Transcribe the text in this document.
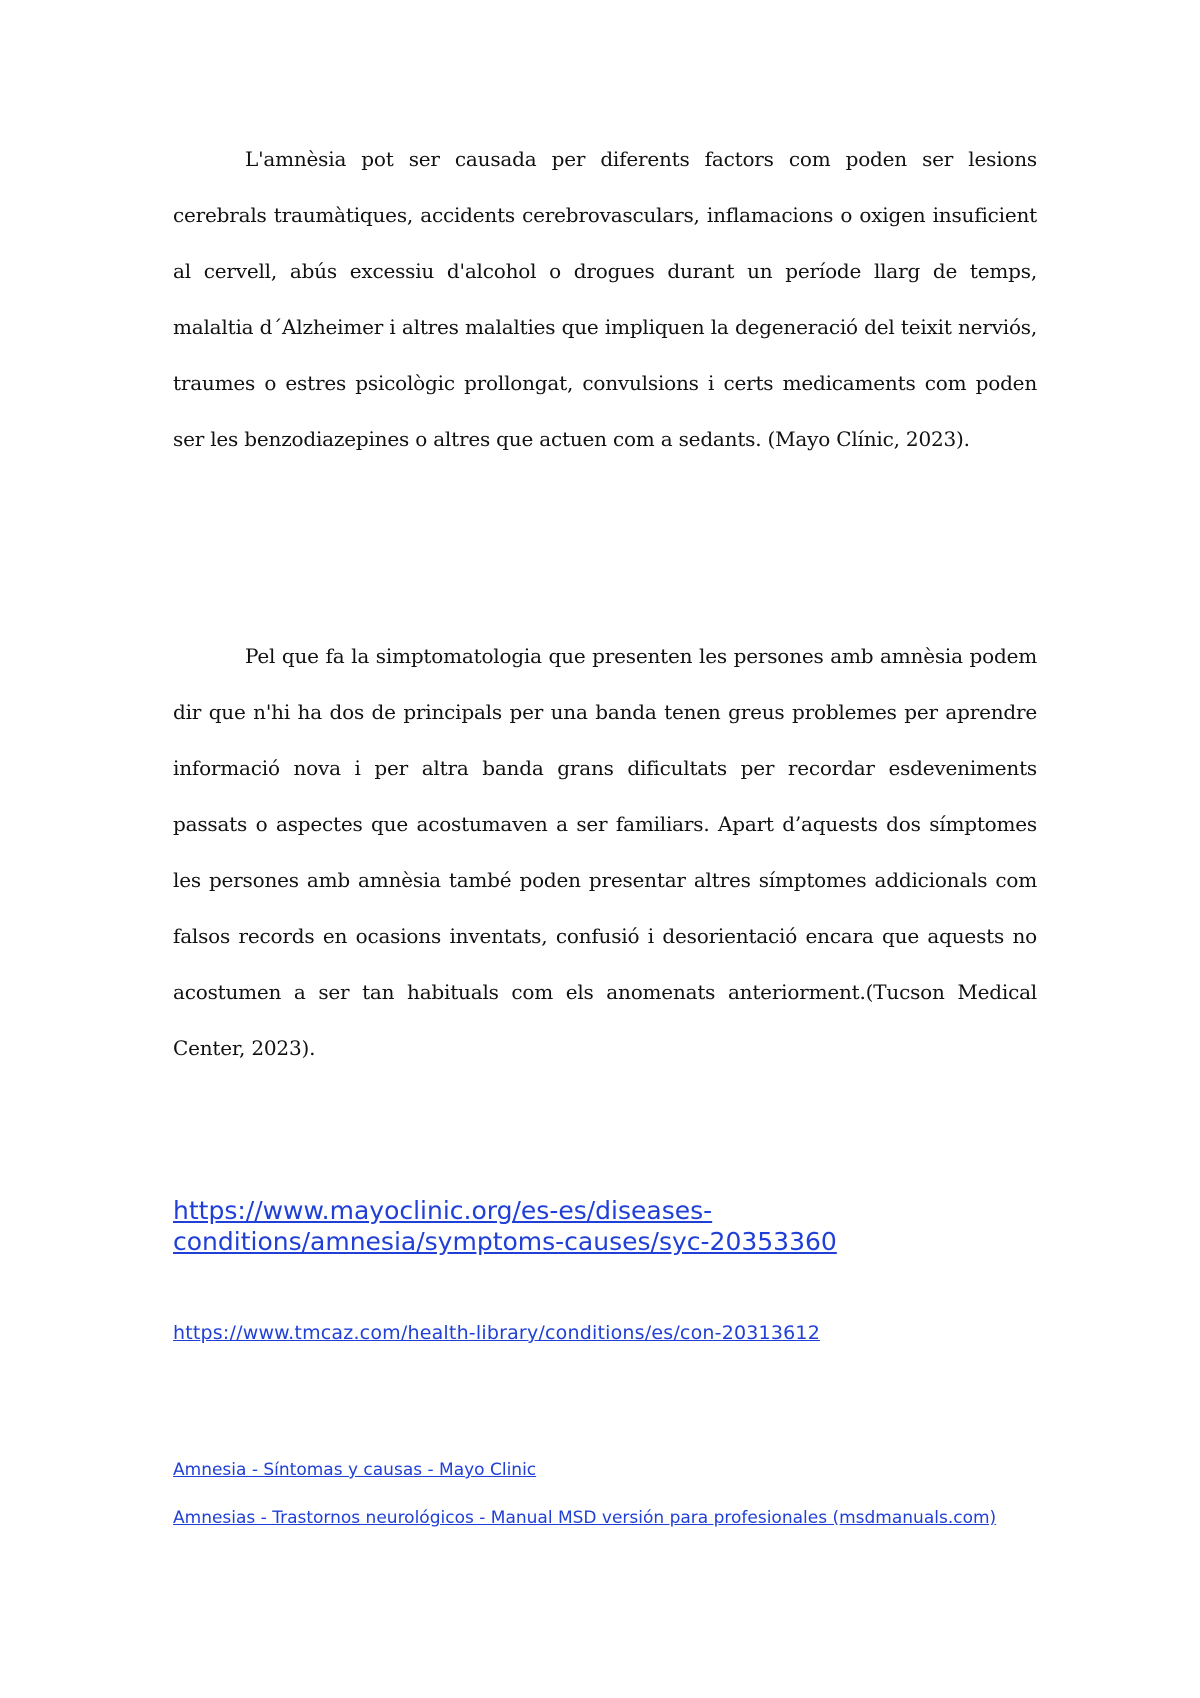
L'amnèsia pot ser causada per diferents factors com poden ser lesions cerebrals traumàtiques, accidents cerebrovasculars, inflamacions o oxigen insuficient al cervell, abús excessiu d'alcohol o drogues durant un període llarg de temps, malaltia d´Alzheimer i altres malalties que impliquen la degeneració del teixit nerviós, traumes o estres psicològic prollongat, convulsions i certs medicaments com poden ser les benzodiazepines o altres que actuen com a sedants. (Mayo Clínic, 2023).

Pel que fa la simptomatologia que presenten les persones amb amnèsia podem dir que n'hi ha dos de principals per una banda tenen greus problemes per aprendre informació nova i per altra banda grans dificultats per recordar esdeveniments passats o aspectes que acostumaven a ser familiars. Apart d’aquests dos símptomes les persones amb amnèsia també poden presentar altres símptomes addicionals com falsos records en ocasions inventats, confusió i desorientació encara que aquests no acostumen a ser tan habituals com els anomenats anteriorment.(Tucson Medical Center, 2023).

https://www.mayoclinic.org/es-es/diseases-conditions/amnesia/symptoms-causes/syc-20353360
https://www.tmcaz.com/health-library/conditions/es/con-20313612
Amnesia - Síntomas y causas - Mayo Clinic
Amnesias - Trastornos neurológicos - Manual MSD versión para profesionales (msdmanuals.com)
